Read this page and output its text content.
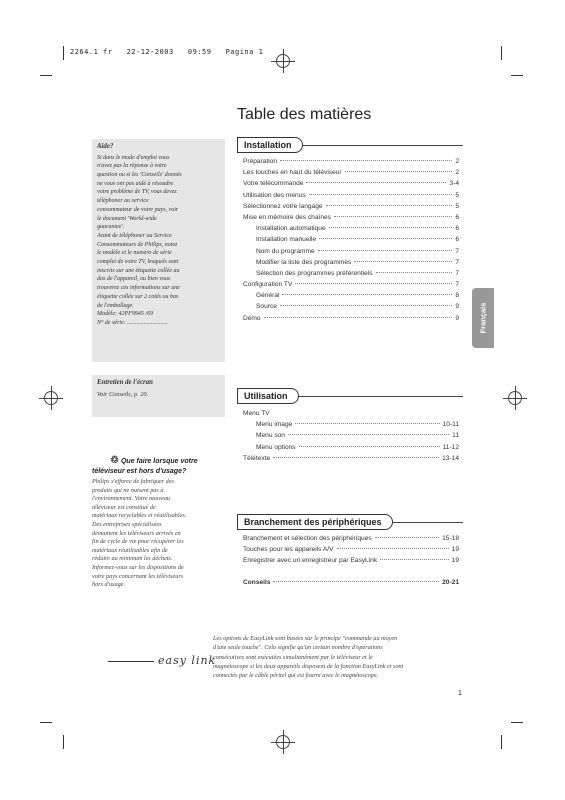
2264.1 fr   22-12-2003   09:59   Pagina 1
Table des matières
Français
Installation
Préparation	2
Les touches en haut du téléviseur	2
Votre télécommande	3-4
Utilisation des menus	5
Sélectionnez votre langage	5
Mise en mémoire des chaînes	6
Installation automatique	6
Installation manuelle	6
Nom du programme	7
Modifier la liste des programmes	7
Sélection des programmes préférentiels	7
Configuration TV	7
Général	8
Source	9
Démo	9
Utilisation
Menu TV
Menu image	10-11
Menu son	11
Menu options	11-12
Télétexte	13-14
Branchement des périphériques
Branchement et sélection des périphériques	15-18
Touches pour les appareils A/V	19
Enregistrer avec un enregistreur par EasyLink	19
Conseils	20-21
Aide?
Si dans le mode d'emploi vous
n'avez pas la réponse à votre
question ou si les 'Conseils' donnés
ne vous ont pas aidé à résoudre
votre problème de TV, vous devez
téléphoner au service
consommateur de votre pays, voir
le document 'World-wide
guarantee'.
Avant de téléphoner au Service
Consommateurs de Philips, notez
le modèle et le numéro de série
complet de votre TV, lesquels sont
inscrits sur une étiquette collée au
dos de l'appareil, ou bien vous
trouverez ces informations sur une
étiquette collée sur 2 cotés ou bas
de l'emballage.
Modèle: 42PF9945 /69
N° de série: ...........................
Entretien de l'écran
Voir Conseils, p. 20.
♲ Que faire lorsque votre téléviseur est hors d'usage?
Philips s'efforce de fabriquer des
produits qui ne nuisent pas à
l'environnement. Votre nouveau
téléviseur est constitué de
matériaux recyclables et réutilisables.
Des entreprises spécialisées
démantent les téléviseurs arrivés en
fin de cycle de vie pour récupérer les
matériaux réutilisables afin de
réduire au minimum les déchets.
Informez-vous sur les dispositions de
votre pays concernant les téléviseurs
hors d'usage.
Les options de EasyLink sont basées sur le principe "commande au moyen
d'une seule touche". Cela signifie qu'un certain nombre d'opérations
consécutives sont exécutées simultanément par le téléviseur et le
magnétoscope si les deux appareils disposent de la fonction EasyLink et sont
connectés par le câble péritel qui est fourni avec le magnétoscope.
easy link
1
